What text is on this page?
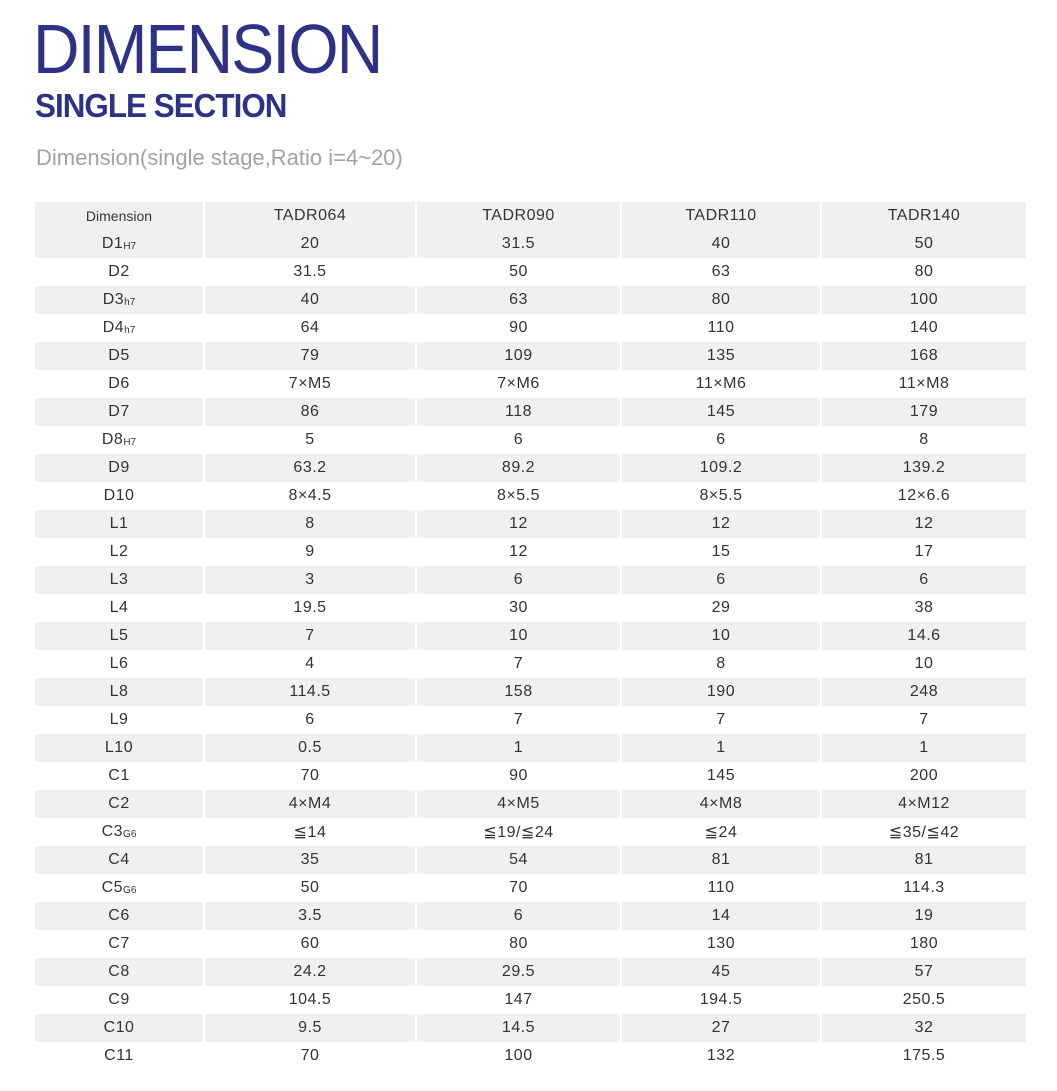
DIMENSION
SINGLE SECTION

Dimension(single stage,Ratio i=4~20)

Dimension	TADR064	TADR090	TADR110	TADR140
$D1_{H7}$	20	31.5	40	50
D2	31.5	50	63	80
$D3_{h7}$	40	63	80	100
$D4_{h7}$	64	90	110	140
D5	79	109	135	168
D6	7×M5	7×M6	11×M6	11×M8
D7	86	118	145	179
$D8_{H7}$	5	6	6	8
D9	63.2	89.2	109.2	139.2
D10	8×4.5	8×5.5	8×5.5	12×6.6
L1	8	12	12	12
L2	9	12	15	17
L3	3	6	6	6
L4	19.5	30	29	38
L5	7	10	10	14.6
L6	4	7	8	10
L8	114.5	158	190	248
L9	6	7	7	7
L10	0.5	1	1	1
C1	70	90	145	200
C2	4×M4	4×M5	4×M8	4×M12
$C3_{G6}$	≦14	≦19/≦24	≦24	≦35/≦42
C4	35	54	81	81
$C5_{G6}$	50	70	110	114.3
C6	3.5	6	14	19
C7	60	80	130	180
C8	24.2	29.5	45	57
C9	104.5	147	194.5	250.5
C10	9.5	14.5	27	32
C11	70	100	132	175.5
